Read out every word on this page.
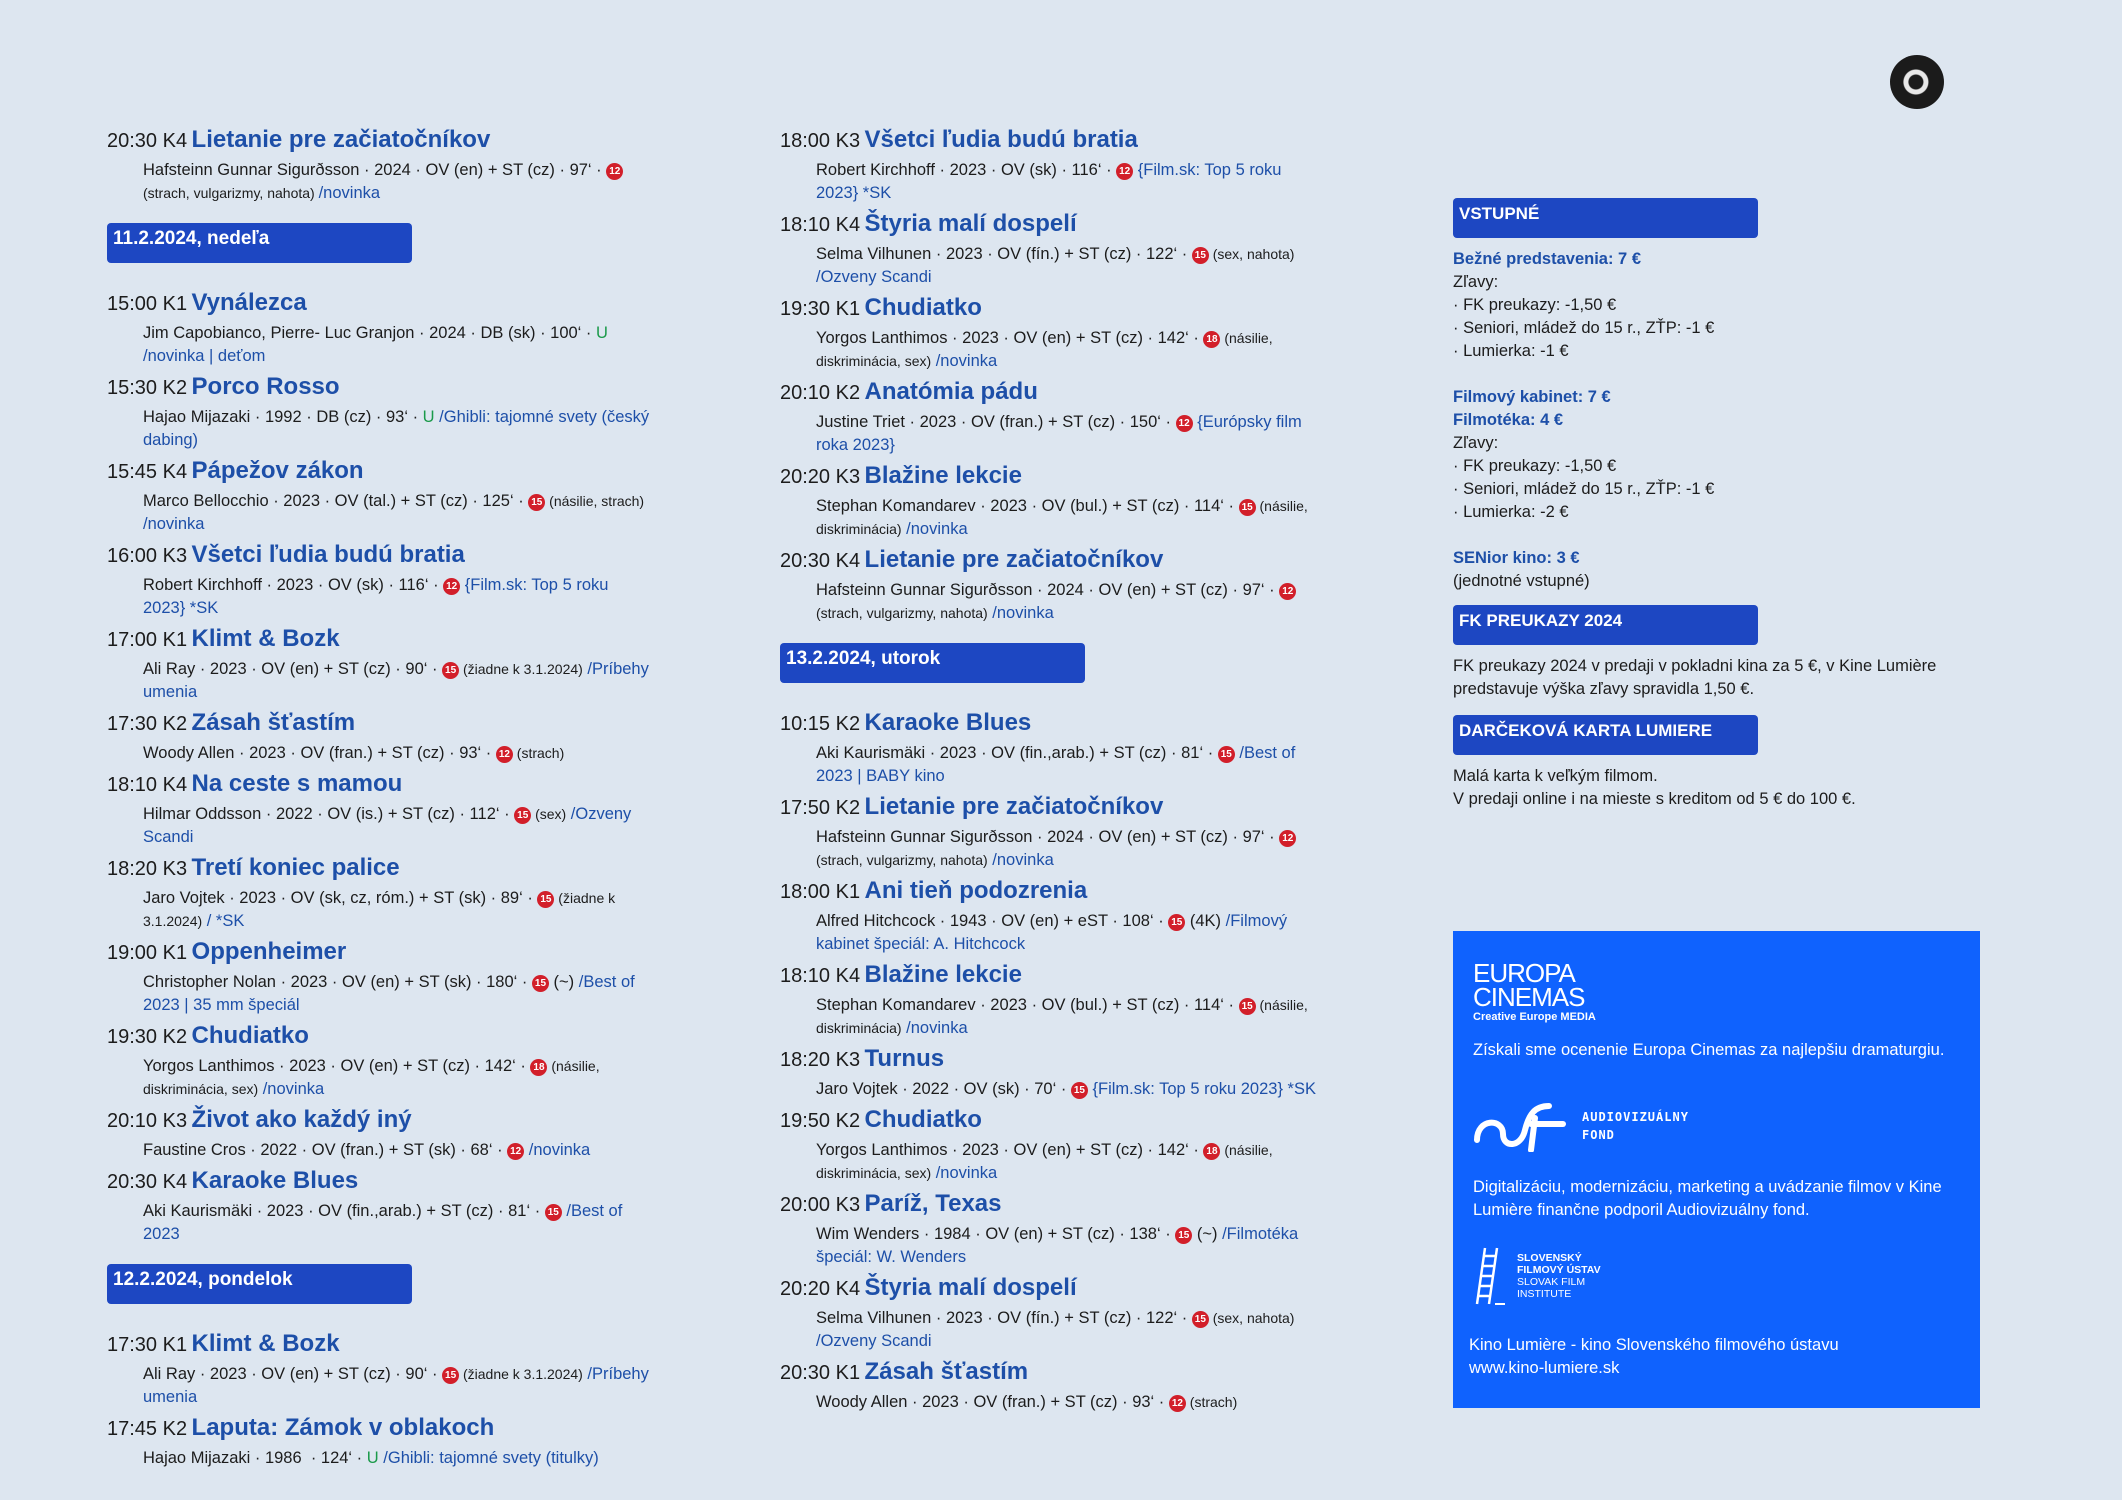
20:30 K4 Lietanie pre začiatočníkov
Hafsteinn Gunnar Sigurðsson · 2024 · OV (en) + ST (cz) · 97‘ · 12
(strach, vulgarizmy, nahota) /novinka
11.2.2024, nedeľa
15:00 K1 Vynálezca
Jim Capobianco, Pierre- Luc Granjon · 2024 · DB (sk) · 100‘ · U
/novinka | deťom
15:30 K2 Porco Rosso
Hajao Mijazaki · 1992 · DB (cz) · 93‘ · U /Ghibli: tajomné svety (český
dabing)
15:45 K4 Pápežov zákon
Marco Bellocchio · 2023 · OV (tal.) + ST (cz) · 125‘ · 15 (násilie, strach)
/novinka
16:00 K3 Všetci ľudia budú bratia
Robert Kirchhoff · 2023 · OV (sk) · 116‘ · 12 {Film.sk: Top 5 roku
2023} *SK
17:00 K1 Klimt & Bozk
Ali Ray · 2023 · OV (en) + ST (cz) · 90‘ · 15 (žiadne k 3.1.2024) /Príbehy
umenia
17:30 K2 Zásah šťastím
Woody Allen · 2023 · OV (fran.) + ST (cz) · 93‘ · 12 (strach)
18:10 K4 Na ceste s mamou
Hilmar Oddsson · 2022 · OV (is.) + ST (cz) · 112‘ · 15 (sex) /Ozveny
Scandi
18:20 K3 Tretí koniec palice
Jaro Vojtek · 2023 · OV (sk, cz, róm.) + ST (sk) · 89‘ · 15 (žiadne k
3.1.2024) / *SK
19:00 K1 Oppenheimer
Christopher Nolan · 2023 · OV (en) + ST (sk) · 180‘ · 15 (~) /Best of
2023 | 35 mm špeciál
19:30 K2 Chudiatko
Yorgos Lanthimos · 2023 · OV (en) + ST (cz) · 142‘ · 18 (násilie,
diskriminácia, sex) /novinka
20:10 K3 Život ako každý iný
Faustine Cros · 2022 · OV (fran.) + ST (sk) · 68‘ · 12 /novinka
20:30 K4 Karaoke Blues
Aki Kaurismäki · 2023 · OV (fin.,arab.) + ST (cz) · 81‘ · 15 /Best of
2023
12.2.2024, pondelok
17:30 K1 Klimt & Bozk
Ali Ray · 2023 · OV (en) + ST (cz) · 90‘ · 15 (žiadne k 3.1.2024) /Príbehy
umenia
17:45 K2 Laputa: Zámok v oblakoch
Hajao Mijazaki · 1986  · 124‘ · U /Ghibli: tajomné svety (titulky)
18:00 K3 Všetci ľudia budú bratia
Robert Kirchhoff · 2023 · OV (sk) · 116‘ · 12 {Film.sk: Top 5 roku
2023} *SK
18:10 K4 Štyria malí dospelí
Selma Vilhunen · 2023 · OV (fín.) + ST (cz) · 122‘ · 15 (sex, nahota)
/Ozveny Scandi
19:30 K1 Chudiatko
Yorgos Lanthimos · 2023 · OV (en) + ST (cz) · 142‘ · 18 (násilie,
diskriminácia, sex) /novinka
20:10 K2 Anatómia pádu
Justine Triet · 2023 · OV (fran.) + ST (cz) · 150‘ · 12 {Európsky film
roka 2023}
20:20 K3 Blažine lekcie
Stephan Komandarev · 2023 · OV (bul.) + ST (cz) · 114‘ · 15 (násilie,
diskriminácia) /novinka
20:30 K4 Lietanie pre začiatočníkov
Hafsteinn Gunnar Sigurðsson · 2024 · OV (en) + ST (cz) · 97‘ · 12
(strach, vulgarizmy, nahota) /novinka
13.2.2024, utorok
10:15 K2 Karaoke Blues
Aki Kaurismäki · 2023 · OV (fin.,arab.) + ST (cz) · 81‘ · 15 /Best of
2023 | BABY kino
17:50 K2 Lietanie pre začiatočníkov
Hafsteinn Gunnar Sigurðsson · 2024 · OV (en) + ST (cz) · 97‘ · 12
(strach, vulgarizmy, nahota) /novinka
18:00 K1 Ani tieň podozrenia
Alfred Hitchcock · 1943 · OV (en) + eST · 108‘ · 15 (4K) /Filmový
kabinet špeciál: A. Hitchcock
18:10 K4 Blažine lekcie
Stephan Komandarev · 2023 · OV (bul.) + ST (cz) · 114‘ · 15 (násilie,
diskriminácia) /novinka
18:20 K3 Turnus
Jaro Vojtek · 2022 · OV (sk) · 70‘ · 15 {Film.sk: Top 5 roku 2023} *SK
19:50 K2 Chudiatko
Yorgos Lanthimos · 2023 · OV (en) + ST (cz) · 142‘ · 18 (násilie,
diskriminácia, sex) /novinka
20:00 K3 Paríž, Texas
Wim Wenders · 1984 · OV (en) + ST (cz) · 138‘ · 15 (~) /Filmotéka
špeciál: W. Wenders
20:20 K4 Štyria malí dospelí
Selma Vilhunen · 2023 · OV (fín.) + ST (cz) · 122‘ · 15 (sex, nahota)
/Ozveny Scandi
20:30 K1 Zásah šťastím
Woody Allen · 2023 · OV (fran.) + ST (cz) · 93‘ · 12 (strach)
VSTUPNÉ
Bežné predstavenia: 7 €
Zľavy:
· FK preukazy: -1,50 €
· Seniori, mládež do 15 r., ZŤP: -1 €
· Lumierka: -1 €
Filmový kabinet: 7 €
Filmotéka: 4 €
Zľavy:
· FK preukazy: -1,50 €
· Seniori, mládež do 15 r., ZŤP: -1 €
· Lumierka: -2 €
SENior kino: 3 €
(jednotné vstupné)
FK PREUKAZY 2024
FK preukazy 2024 v predaji v pokladni kina za 5 €, v Kine Lumière predstavuje výška zľavy spravidla 1,50 €.
DARČEKOVÁ KARTA LUMIERE
Malá karta k veľkým filmom.
V predaji online i na mieste s kreditom od 5 € do 100 €.
EUROPA
CINEMAS
Creative Europe MEDIA
Získali sme ocenenie Europa Cinemas za najlepšiu dramaturgiu.
AUDIOVIZUÁLNY
FOND
Digitalizáciu, modernizáciu, marketing a uvádzanie filmov v Kine Lumière finančne podporil Audiovizuálny fond.
SLOVENSKÝ
FILMOVÝ ÚSTAV
SLOVAK FILM
INSTITUTE
Kino Lumière - kino Slovenského filmového ústavu
www.kino-lumiere.sk
